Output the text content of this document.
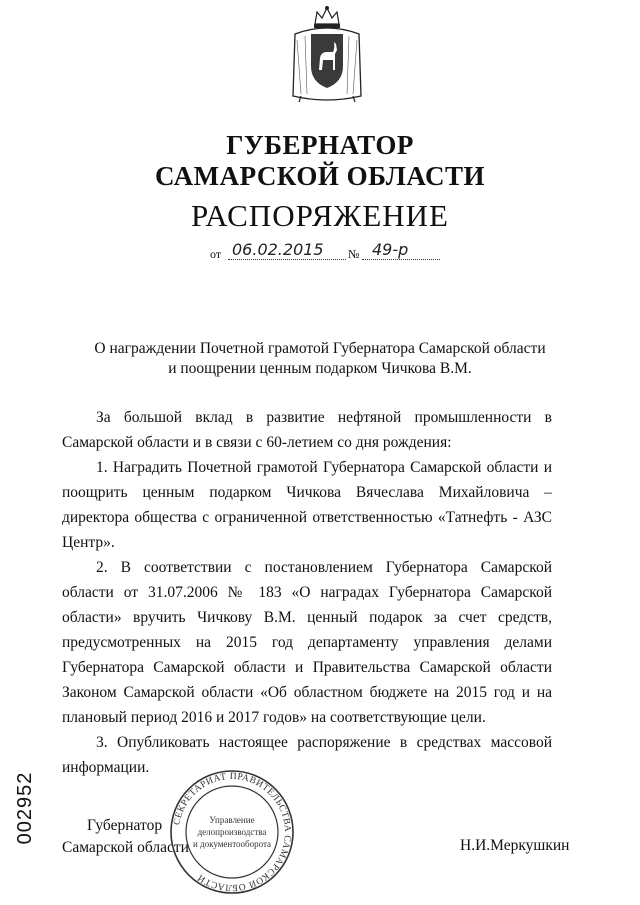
ГУБЕРНАТОР
САМАРСКОЙ ОБЛАСТИ
РАСПОРЯЖЕНИЕ
от 06.02.2015 № 49-р
О награждении Почетной грамотой Губернатора Самарской области
и поощрении ценным подарком Чичкова В.М.

За большой вклад в развитие нефтяной промышленности в Самарской области и в связи с 60-летием со дня рождения:

1. Наградить Почетной грамотой Губернатора Самарской области и поощрить ценным подарком Чичкова Вячеслава Михайловича – директора общества с ограниченной ответственностью «Татнефть - АЗС Центр».

2. В соответствии с постановлением Губернатора Самарской области от 31.07.2006 № 183 «О наградах Губернатора Самарской области» вручить Чичкову В.М. ценный подарок за счет средств, предусмотренных на 2015 год департаменту управления делами Губернатора Самарской области и Правительства Самарской области Законом Самарской области «Об областном бюджете на 2015 год и на плановый период 2016 и 2017 годов» на соответствующие цели.

3. Опубликовать настоящее распоряжение в средствах массовой информации.

Губернатор
Самарской области	Н.И.Меркушкин
СЕКРЕТАРИАТ ПРАВИТЕЛЬСТВА САМАРСКОЙ ОБЛАСТИ
Управление
делопроизводства
и документооборота
002952
